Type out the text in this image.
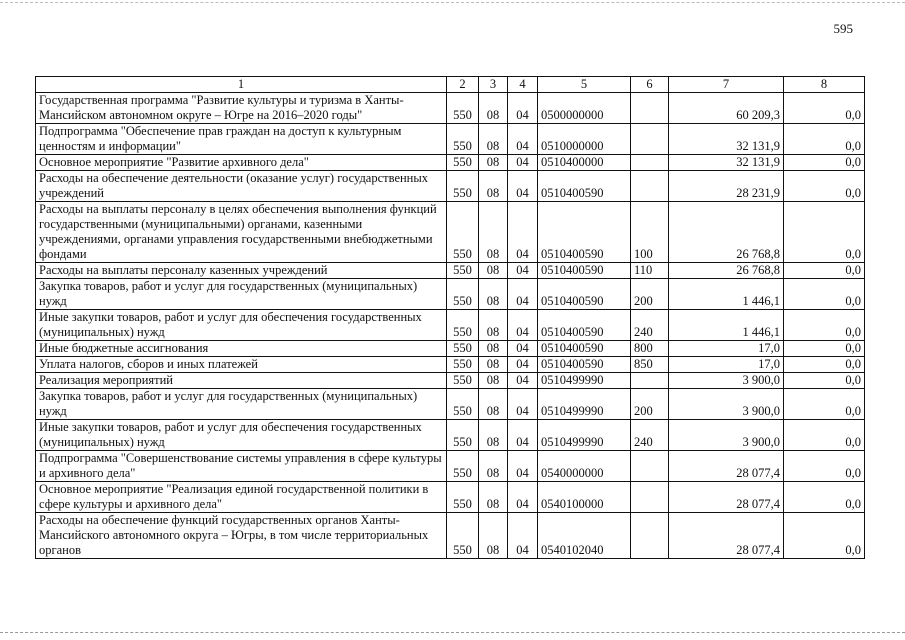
595
1	2	3	4	5	6	7	8
Государственная программа "Развитие культуры и туризма в Ханты-Мансийском автономном округе – Югре на 2016–2020 годы"	550	08	04	0500000000		60 209,3	0,0
Подпрограмма "Обеспечение прав граждан на доступ к культурным ценностям и информации"	550	08	04	0510000000		32 131,9	0,0
Основное мероприятие "Развитие архивного дела"	550	08	04	0510400000		32 131,9	0,0
Расходы на обеспечение деятельности (оказание услуг) государственных учреждений	550	08	04	0510400590		28 231,9	0,0
Расходы на выплаты персоналу в целях обеспечения выполнения функций государственными (муниципальными) органами, казенными учреждениями, органами управления государственными внебюджетными фондами	550	08	04	0510400590	100	26 768,8	0,0
Расходы на выплаты персоналу казенных учреждений	550	08	04	0510400590	110	26 768,8	0,0
Закупка товаров, работ и услуг для государственных (муниципальных) нужд	550	08	04	0510400590	200	1 446,1	0,0
Иные закупки товаров, работ и услуг для обеспечения государственных (муниципальных) нужд	550	08	04	0510400590	240	1 446,1	0,0
Иные бюджетные ассигнования	550	08	04	0510400590	800	17,0	0,0
Уплата налогов, сборов и иных платежей	550	08	04	0510400590	850	17,0	0,0
Реализация мероприятий	550	08	04	0510499990		3 900,0	0,0
Закупка товаров, работ и услуг для государственных (муниципальных) нужд	550	08	04	0510499990	200	3 900,0	0,0
Иные закупки товаров, работ и услуг для обеспечения государственных (муниципальных) нужд	550	08	04	0510499990	240	3 900,0	0,0
Подпрограмма "Совершенствование системы управления в сфере культуры и архивного дела"	550	08	04	0540000000		28 077,4	0,0
Основное мероприятие "Реализация единой государственной политики в сфере культуры и архивного дела"	550	08	04	0540100000		28 077,4	0,0
Расходы на обеспечение функций государственных органов Ханты-Мансийского автономного округа – Югры, в том числе территориальных органов	550	08	04	0540102040		28 077,4	0,0
